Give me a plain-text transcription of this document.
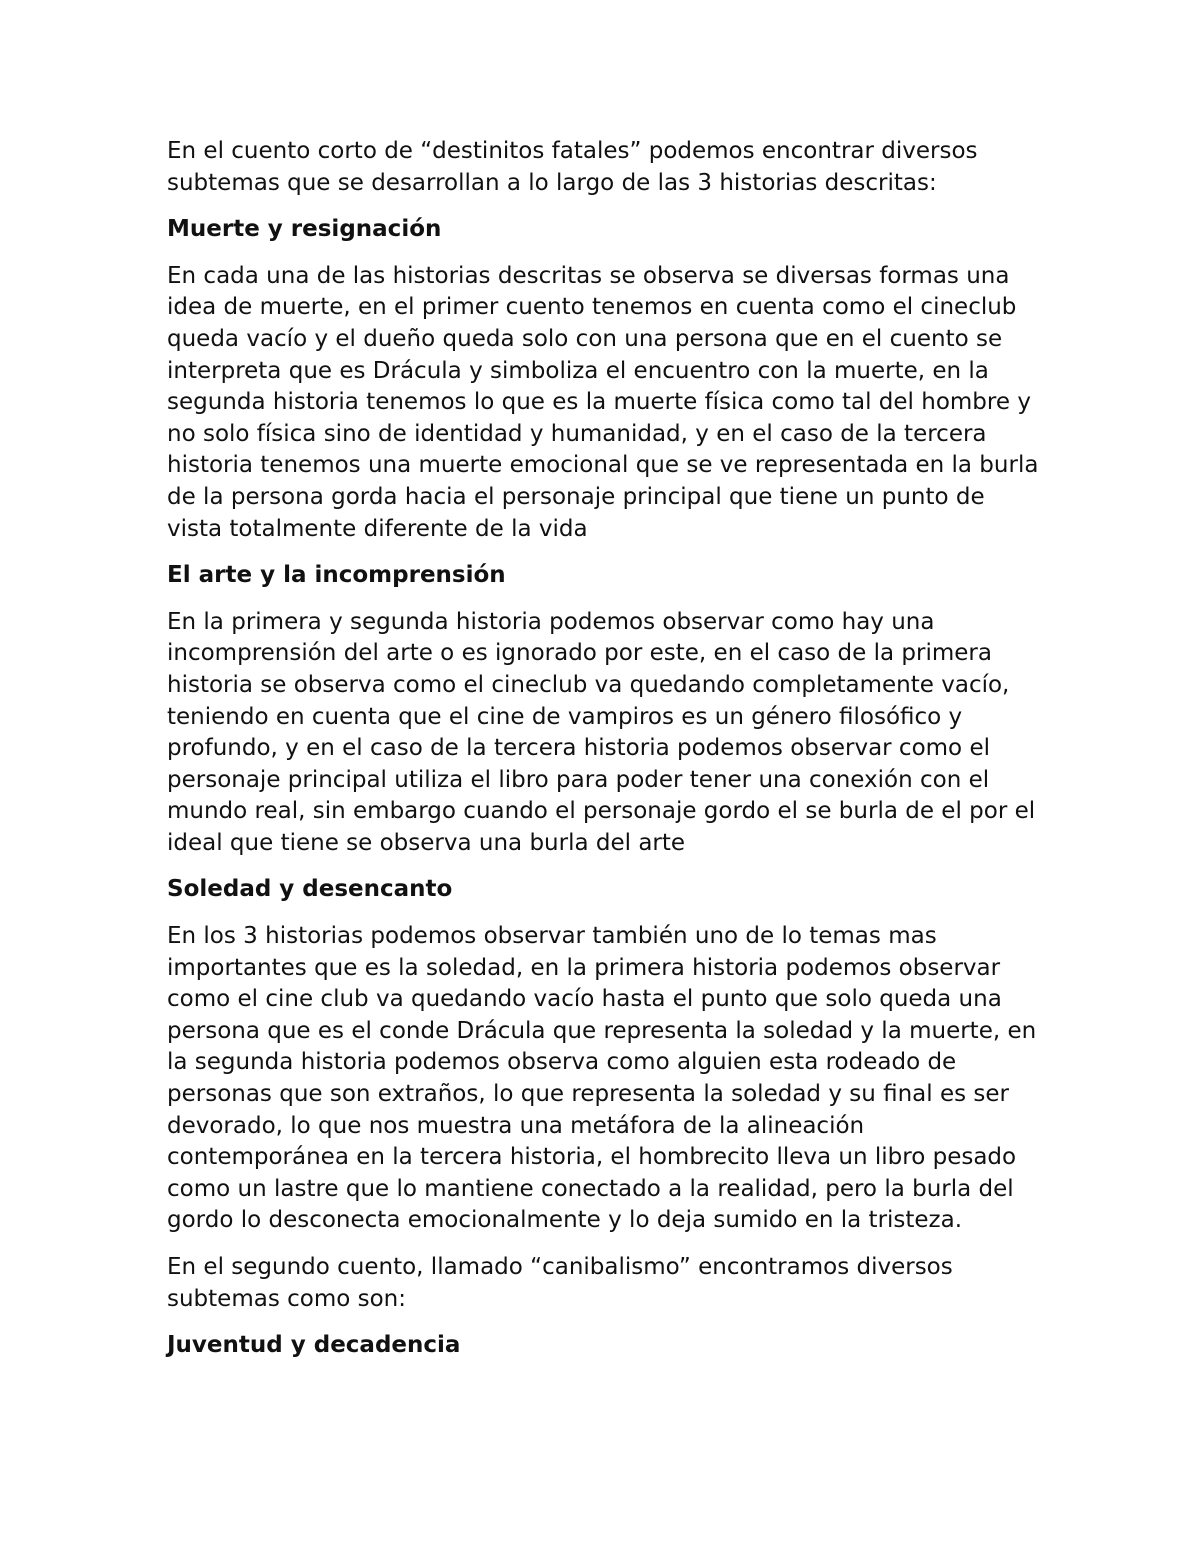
En el cuento corto de “destinitos fatales” podemos encontrar diversos subtemas que se desarrollan a lo largo de las 3 historias descritas:

Muerte y resignación

En cada una de las historias descritas se observa se diversas formas una idea de muerte, en el primer cuento tenemos en cuenta como el cineclub queda vacío y el dueño queda solo con una persona que en el cuento se interpreta que es Drácula y simboliza el encuentro con la muerte, en la segunda historia tenemos lo que es la muerte física como tal del hombre y no solo física sino de identidad y humanidad, y en el caso de la tercera historia tenemos una muerte emocional que se ve representada en la burla de la persona gorda hacia el personaje principal que tiene un punto de vista totalmente diferente de la vida

El arte y la incomprensión

En la primera y segunda historia podemos observar como hay una incomprensión del arte o es ignorado por este, en el caso de la primera historia se observa como el cineclub va quedando completamente vacío, teniendo en cuenta que el cine de vampiros es un género filosófico y profundo, y en el caso de la tercera historia podemos observar como el personaje principal utiliza el libro para poder tener una conexión con el mundo real, sin embargo cuando el personaje gordo el se burla de el por el ideal que tiene se observa una burla del arte

Soledad y desencanto

En los 3 historias podemos observar también uno de lo temas mas importantes que es la soledad, en la primera historia podemos observar como el cine club va quedando vacío hasta el punto que solo queda una persona que es el conde Drácula que representa la soledad y la muerte, en la segunda historia podemos observa como alguien esta rodeado de personas que son extraños, lo que representa la soledad y su final es ser devorado, lo que nos muestra una metáfora de la alineación contemporánea en la tercera historia, el hombrecito lleva un libro pesado como un lastre que lo mantiene conectado a la realidad, pero la burla del gordo lo desconecta emocionalmente y lo deja sumido en la tristeza.

En el segundo cuento, llamado “canibalismo” encontramos diversos subtemas como son:

Juventud y decadencia
